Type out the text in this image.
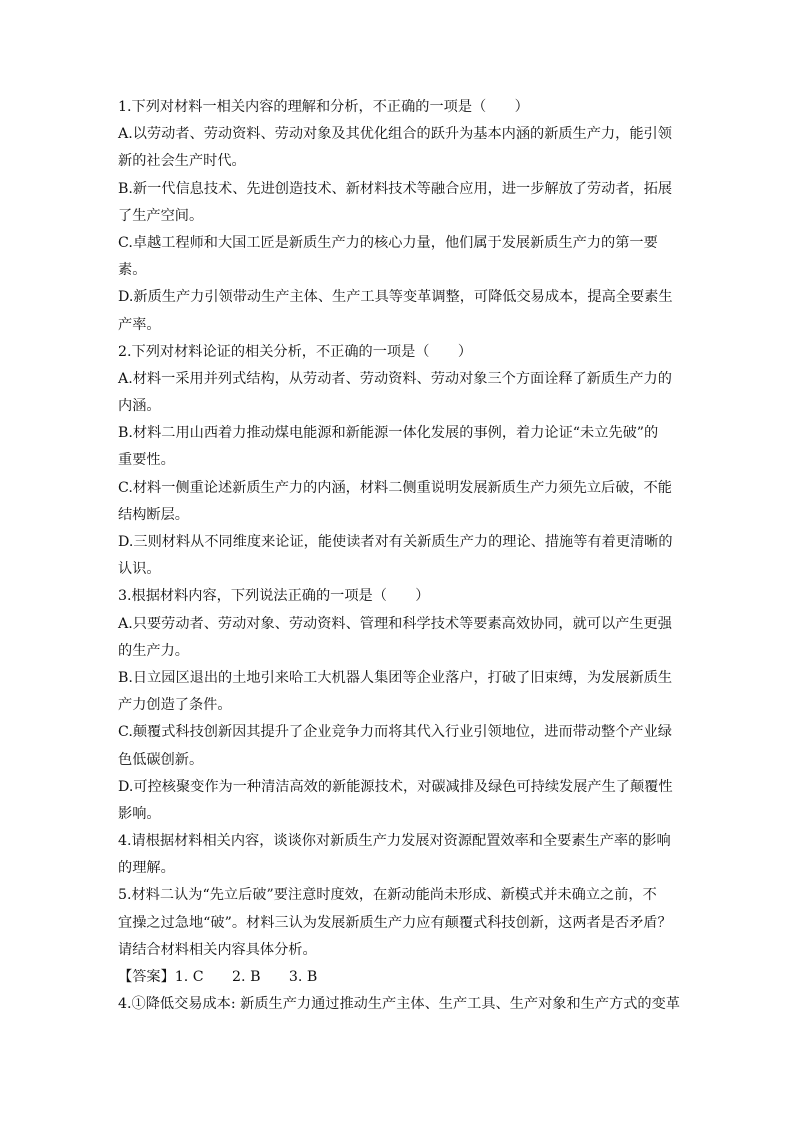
1.下列对材料一相关内容的理解和分析，不正确的一项是（　　）
A.以劳动者、劳动资料、劳动对象及其优化组合的跃升为基本内涵的新质生产力，能引领
新的社会生产时代。
B.新一代信息技术、先进创造技术、新材料技术等融合应用，进一步解放了劳动者，拓展
了生产空间。
C.卓越工程师和大国工匠是新质生产力的核心力量，他们属于发展新质生产力的第一要
素。
D.新质生产力引领带动生产主体、生产工具等变革调整，可降低交易成本，提高全要素生
产率。
2.下列对材料论证的相关分析，不正确的一项是（　　）
A.材料一采用并列式结构，从劳动者、劳动资料、劳动对象三个方面诠释了新质生产力的
内涵。
B.材料二用山西着力推动煤电能源和新能源一体化发展的事例，着力论证“未立先破”的
重要性。
C.材料一侧重论述新质生产力的内涵，材料二侧重说明发展新质生产力须先立后破，不能
结构断层。
D.三则材料从不同维度来论证，能使读者对有关新质生产力的理论、措施等有着更清晰的
认识。
3.根据材料内容，下列说法正确的一项是（　　）
A.只要劳动者、劳动对象、劳动资料、管理和科学技术等要素高效协同，就可以产生更强
的生产力。
B.日立园区退出的土地引来哈工大机器人集团等企业落户，打破了旧束缚，为发展新质生
产力创造了条件。
C.颠覆式科技创新因其提升了企业竞争力而将其代入行业引领地位，进而带动整个产业绿
色低碳创新。
D.可控核聚变作为一种清洁高效的新能源技术，对碳减排及绿色可持续发展产生了颠覆性
影响。
4.请根据材料相关内容，谈谈你对新质生产力发展对资源配置效率和全要素生产率的影响
的理解。
5.材料二认为“先立后破”要注意时度效，在新动能尚未形成、新模式并未确立之前，不
宜操之过急地“破”。材料三认为发展新质生产力应有颠覆式科技创新，这两者是否矛盾？
请结合材料相关内容具体分析。
【答案】1. C　　2. B　　3. B
4.①降低交易成本: 新质生产力通过推动生产主体、生产工具、生产对象和生产方式的变革
